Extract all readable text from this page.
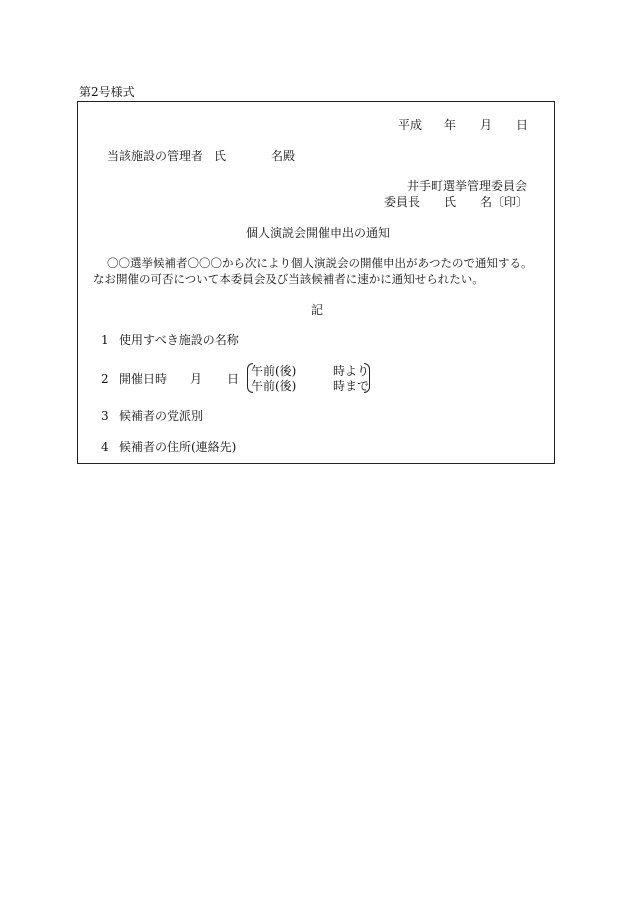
第2号様式
平成 年 月 日
当該施設の管理者 氏	名殿
井手町選挙管理委員会
委員長 氏 名〔印〕
個人演説会開催申出の通知
〇〇選挙候補者〇〇〇から次により個人演説会の開催申出があつたので通知する。
なお開催の可否について本委員会及び当該候補者に速かに通知せられたい。
記
1 使用すべき施設の名称
2 開催日時 月 日
午前(後)	時より
午前(後)	時まで
3 候補者の党派別
4 候補者の住所(連絡先)
